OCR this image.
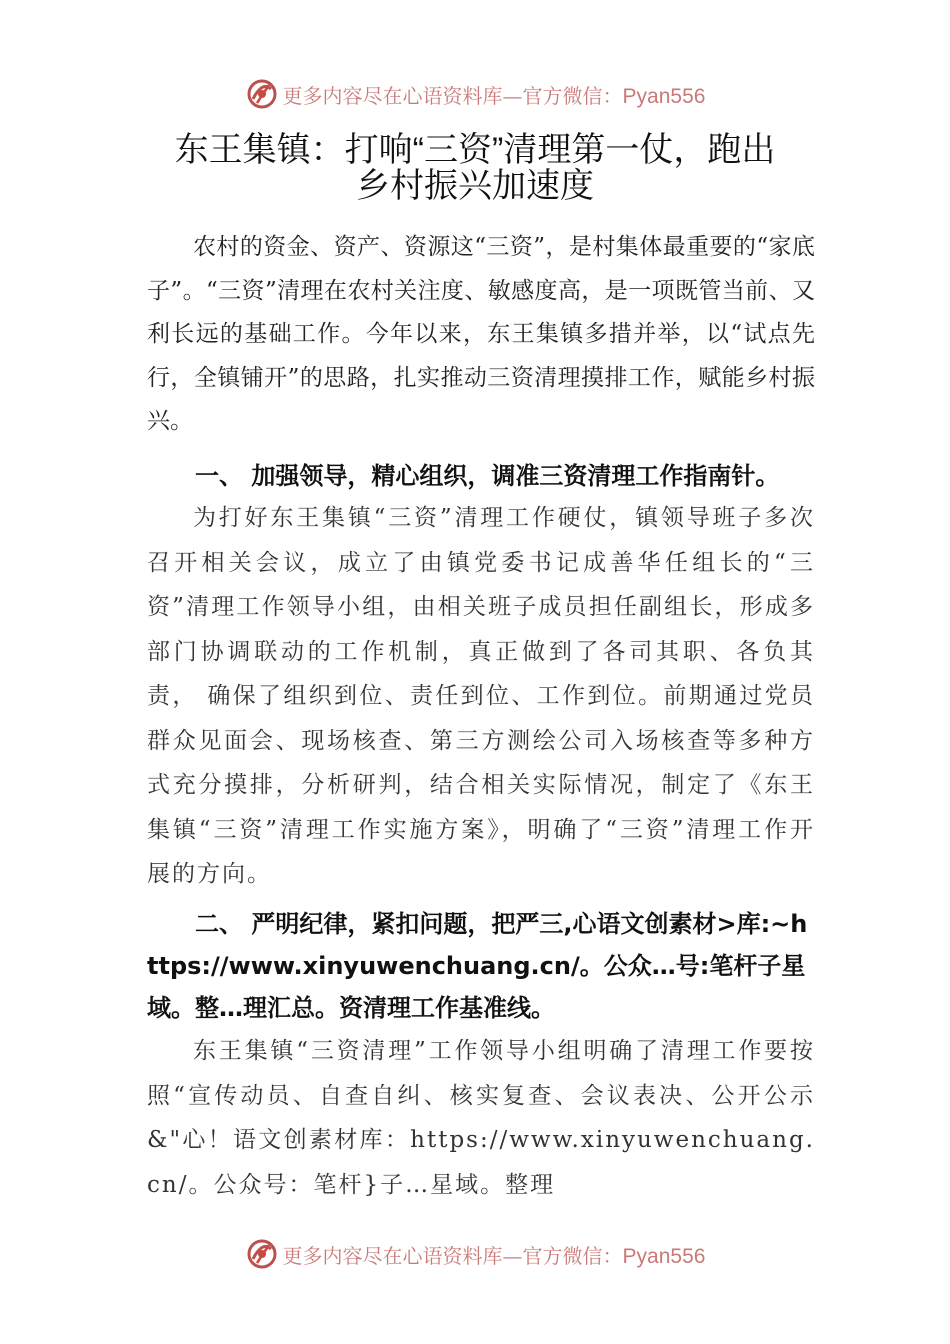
更多内容尽在心语资料库—官方微信：Pyan556
东王集镇：打响“三资”清理第一仗，跑出
乡村振兴加速度

农村的资金、资产、资源这“三资”，是村集体最重要的“家底子”。“三资”清理在农村关注度、敏感度高，是一项既管当前、又利长远的基础工作。今年以来，东王集镇多措并举，以“试点先行，全镇铺开”的思路，扎实推动三资清理摸排工作，赋能乡村振兴。

一、 加强领导，精心组织，调准三资清理工作指南针。

为打好东王集镇“三资”清理工作硬仗，镇领导班子多次召开相关会议，成立了由镇党委书记成善华任组长的“三资”清理工作领导小组，由相关班子成员担任副组长，形成多部门协调联动的工作机制，真正做到了各司其职、各负其责， 确保了组织到位、责任到位、工作到位。前期通过党员群众见面会、现场核查、第三方测绘公司入场核查等多种方式充分摸排，分析研判，结合相关实际情况，制定了《东王集镇“三资”清理工作实施方案》，明确了“三资”清理工作开展的方向。

二、 严明纪律，紧扣问题，把严三,心语文创素材>库:~https://www.xinyuwenchuang.cn/。公众…号:笔杆子星域。整…理汇总。资清理工作基准线。

东王集镇“三资清理”工作领导小组明确了清理工作要按照“宣传动员、自查自纠、核实复查、会议表决、公开公示&"心！语文创素材库：https://www.xinyuwenchuang.cn/。公众号：笔杆}子…星域。整理

更多内容尽在心语资料库—官方微信：Pyan556
